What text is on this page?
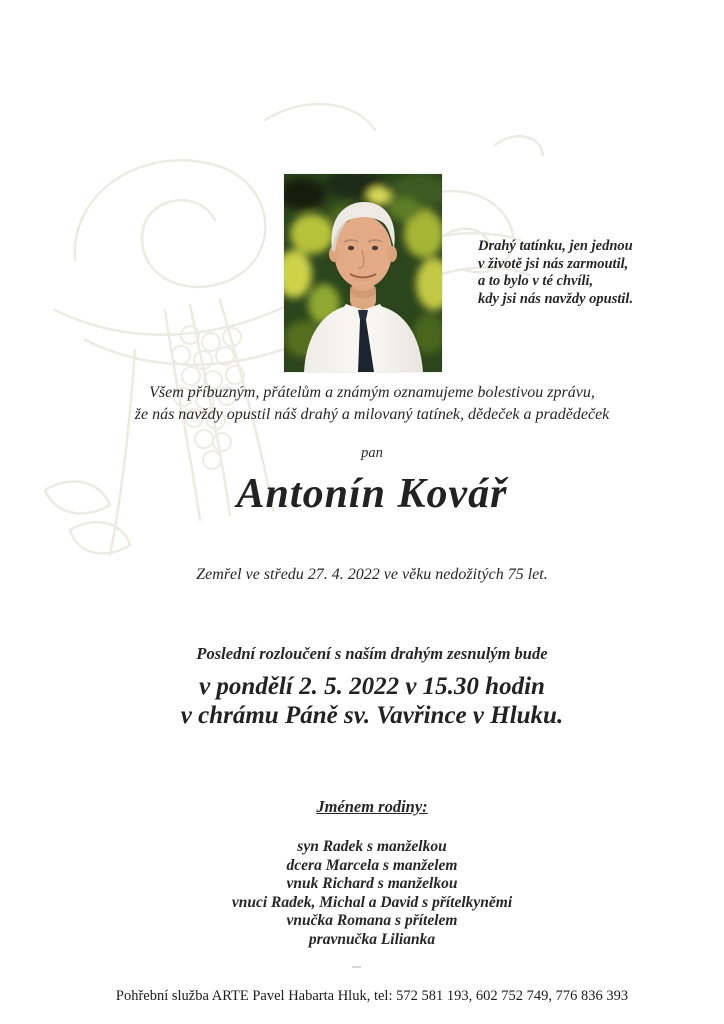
Drahý tatínku, jen jednou
v životě jsi nás zarmoutil,
a to bylo v té chvíli,
kdy jsi nás navždy opustil.
Všem příbuzným, přátelům a známým oznamujeme bolestivou zprávu,
že nás navždy opustil náš drahý a milovaný tatínek, dědeček a pradědeček
pan
Antonín Kovář
Zemřel ve středu 27. 4. 2022 ve věku nedožitých 75 let.
Poslední rozloučení s naším drahým zesnulým bude
v pondělí 2. 5. 2022 v 15.30 hodin
v chrámu Páně sv. Vavřince v Hluku.
Jménem rodiny:
syn Radek s manželkou
dcera Marcela s manželem
vnuk Richard s manželkou
vnuci Radek, Michal a David s přítelkyněmi
vnučka Romana s přítelem
pravnučka Lilianka
Pohřební služba ARTE Pavel Habarta Hluk, tel: 572 581 193, 602 752 749, 776 836 393
